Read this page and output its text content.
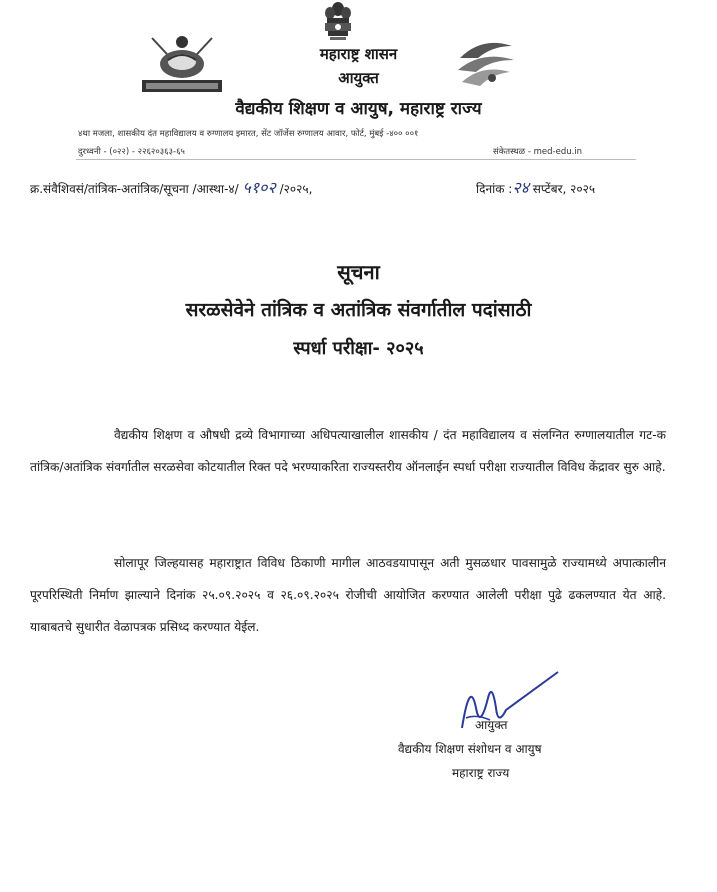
महाराष्ट्र शासन
आयुक्त
वैद्यकीय शिक्षण व आयुष, महाराष्ट्र राज्य
४था मजला, शासकीय दंत महाविद्यालय व रुग्णालय इमारत, सेंट जॉर्जेस रुग्णालय आवार, फोर्ट, मुंबई -४०० ००१
दुरध्वनी - (०२२) - २२६२०३६३-६५	संकेतस्थळ - med-edu.in
क्र.संवैशिवसं/तांत्रिक-अतांत्रिक/सूचना /आस्था-४/ ५१०२ /२०२५,	दिनांक :२४ सप्टेंबर, २०२५
सूचना
सरळसेवेने तांत्रिक व अतांत्रिक संवर्गातील पदांसाठी
स्पर्धा परीक्षा- २०२५
वैद्यकीय शिक्षण व औषधी द्रव्ये विभागाच्या अधिपत्याखालील शासकीय / दंत महाविद्यालय व संलग्नित रुग्णालयातील गट-क तांत्रिक/अतांत्रिक संवर्गातील सरळसेवा कोटयातील रिक्त पदे भरण्याकरिता राज्यस्तरीय ऑनलाईन स्पर्धा परीक्षा राज्यातील विविध केंद्रावर सुरु आहे.
सोलापूर जिल्हयासह महाराष्ट्रात विविध ठिकाणी मागील आठवडयापासून अती मुसळधार पावसामुळे राज्यामध्ये अपात्कालीन पूरपरिस्थिती निर्माण झाल्याने दिनांक २५.०९.२०२५ व २६.०९.२०२५ रोजीची आयोजित करण्यात आलेली परीक्षा पुढे ढकलण्यात येत आहे. याबाबतचे सुधारीत वेळापत्रक प्रसिध्द करण्यात येईल.
आयुक्त
वैद्यकीय शिक्षण संशोधन व आयुष
महाराष्ट्र राज्य
